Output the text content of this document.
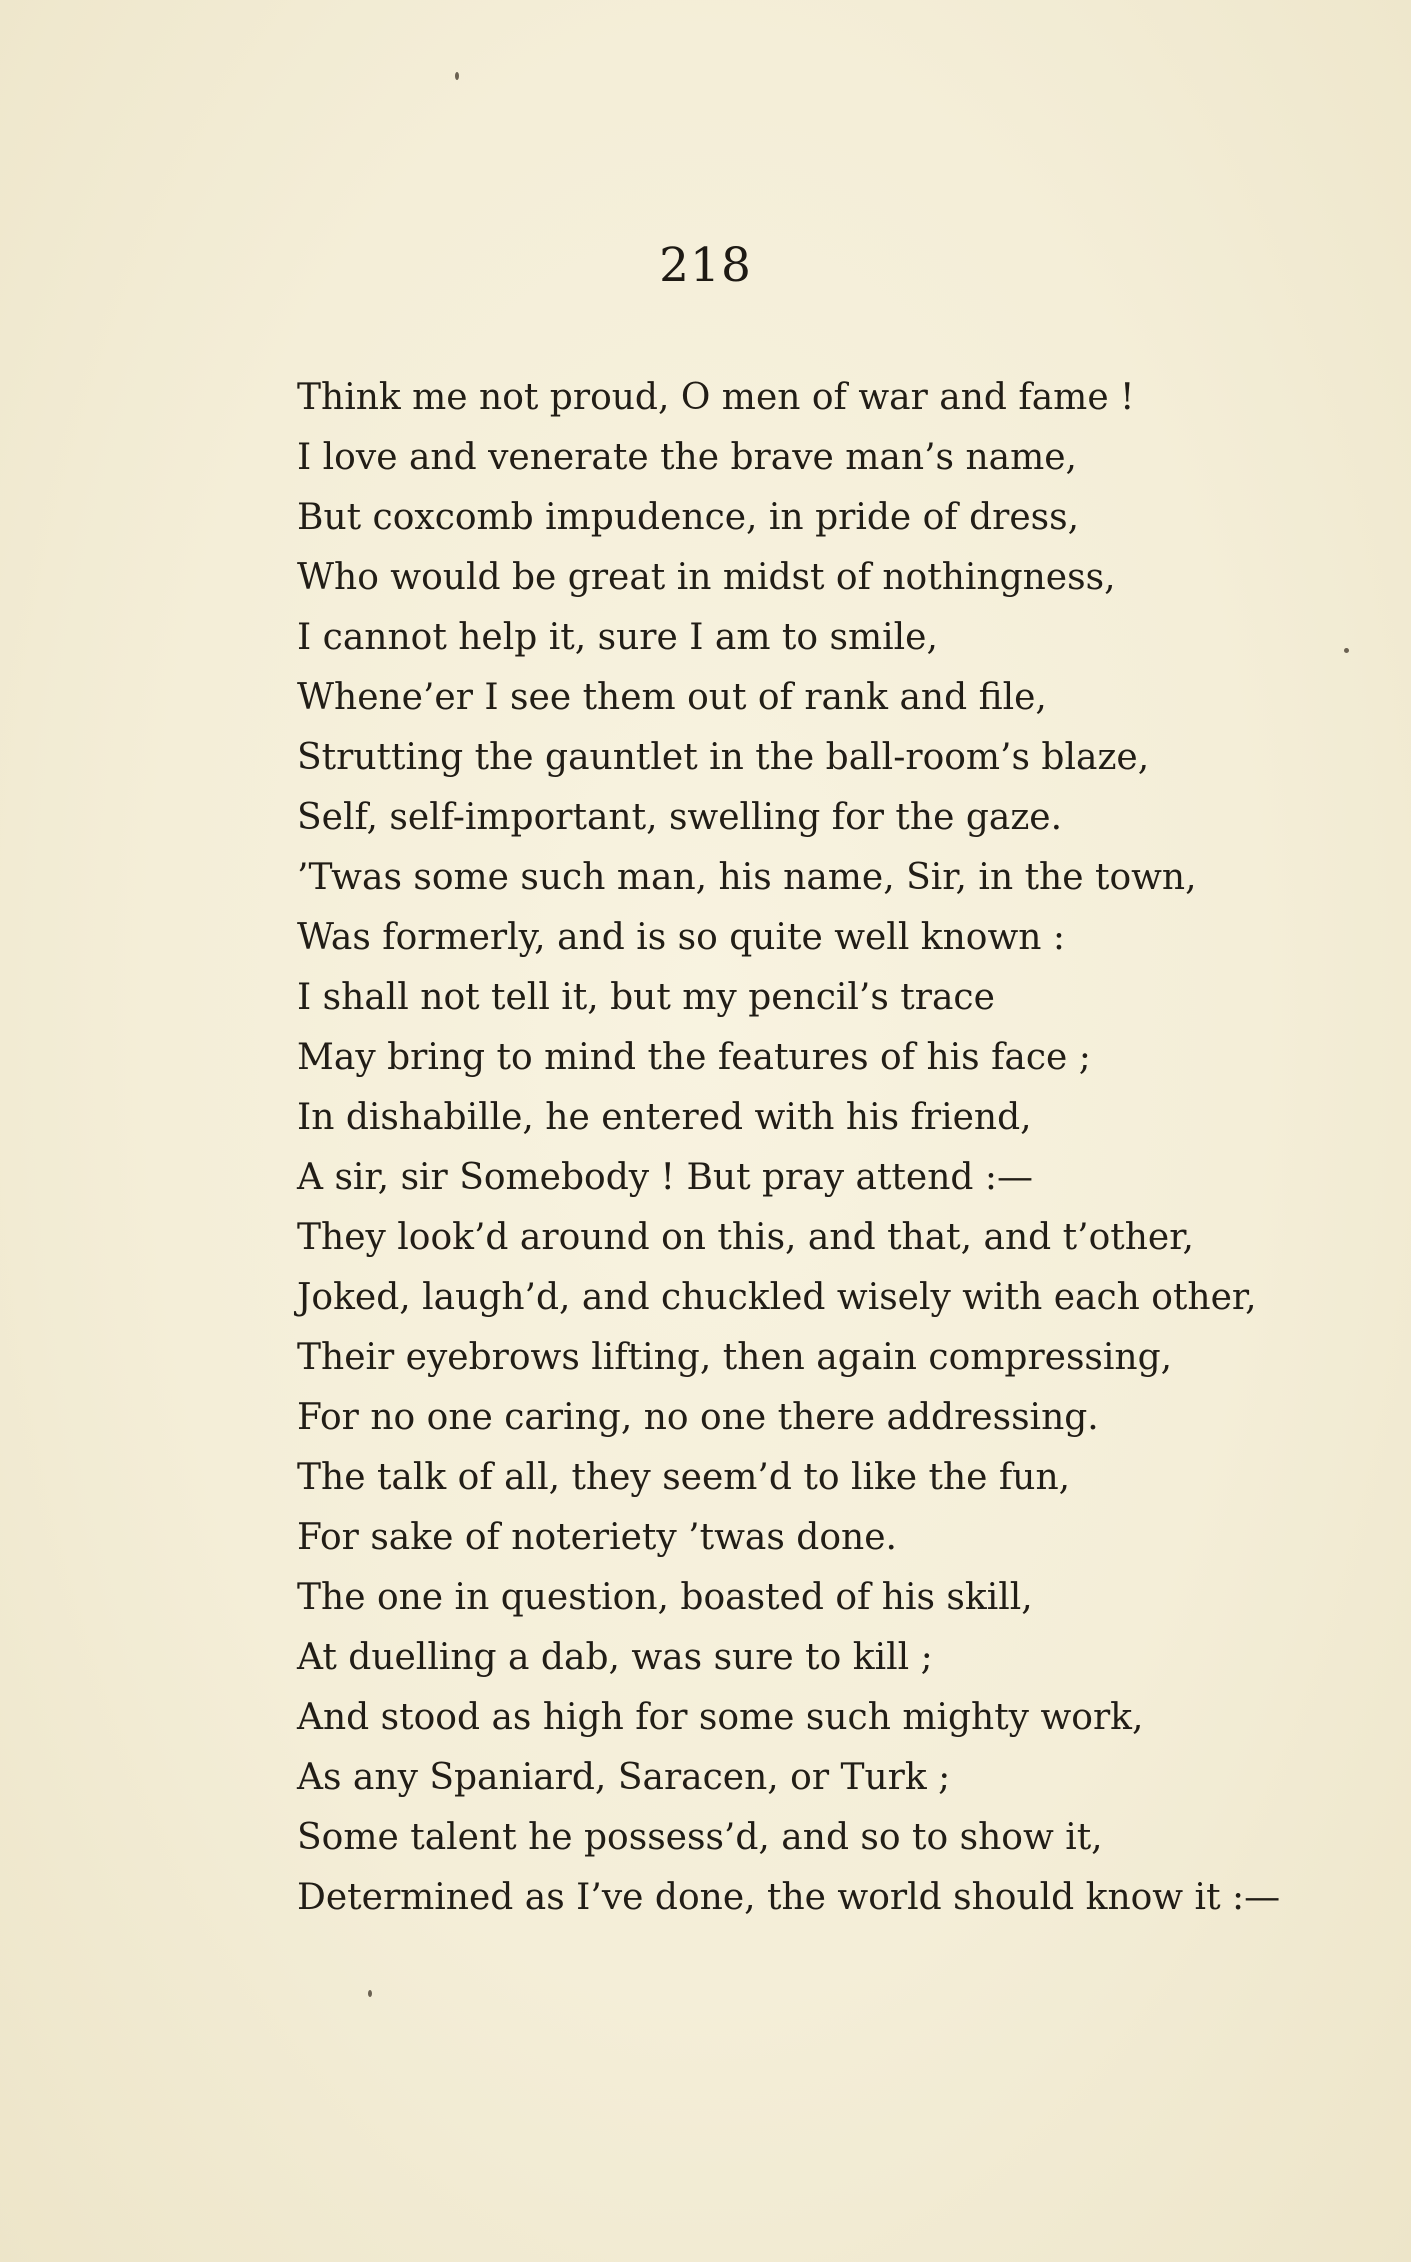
218
Think me not proud, O men of war and fame !
I love and venerate the brave man’s name,
But coxcomb impudence, in pride of dress,
Who would be great in midst of nothingness,
I cannot help it, sure I am to smile,
Whene’er I see them out of rank and file,
Strutting the gauntlet in the ball-room’s blaze,
Self, self-important, swelling for the gaze.
’Twas some such man, his name, Sir, in the town,
Was formerly, and is so quite well known :
I shall not tell it, but my pencil’s trace
May bring to mind the features of his face ;
In dishabille, he entered with his friend,
A sir, sir Somebody ! But pray attend :—
They look’d around on this, and that, and t’other,
Joked, laugh’d, and chuckled wisely with each other,
Their eyebrows lifting, then again compressing,
For no one caring, no one there addressing.
The talk of all, they seem’d to like the fun,
For sake of noteriety ’twas done.
The one in question, boasted of his skill,
At duelling a dab, was sure to kill ;
And stood as high for some such mighty work,
As any Spaniard, Saracen, or Turk ;
Some talent he possess’d, and so to show it,
Determined as I’ve done, the world should know it :—
